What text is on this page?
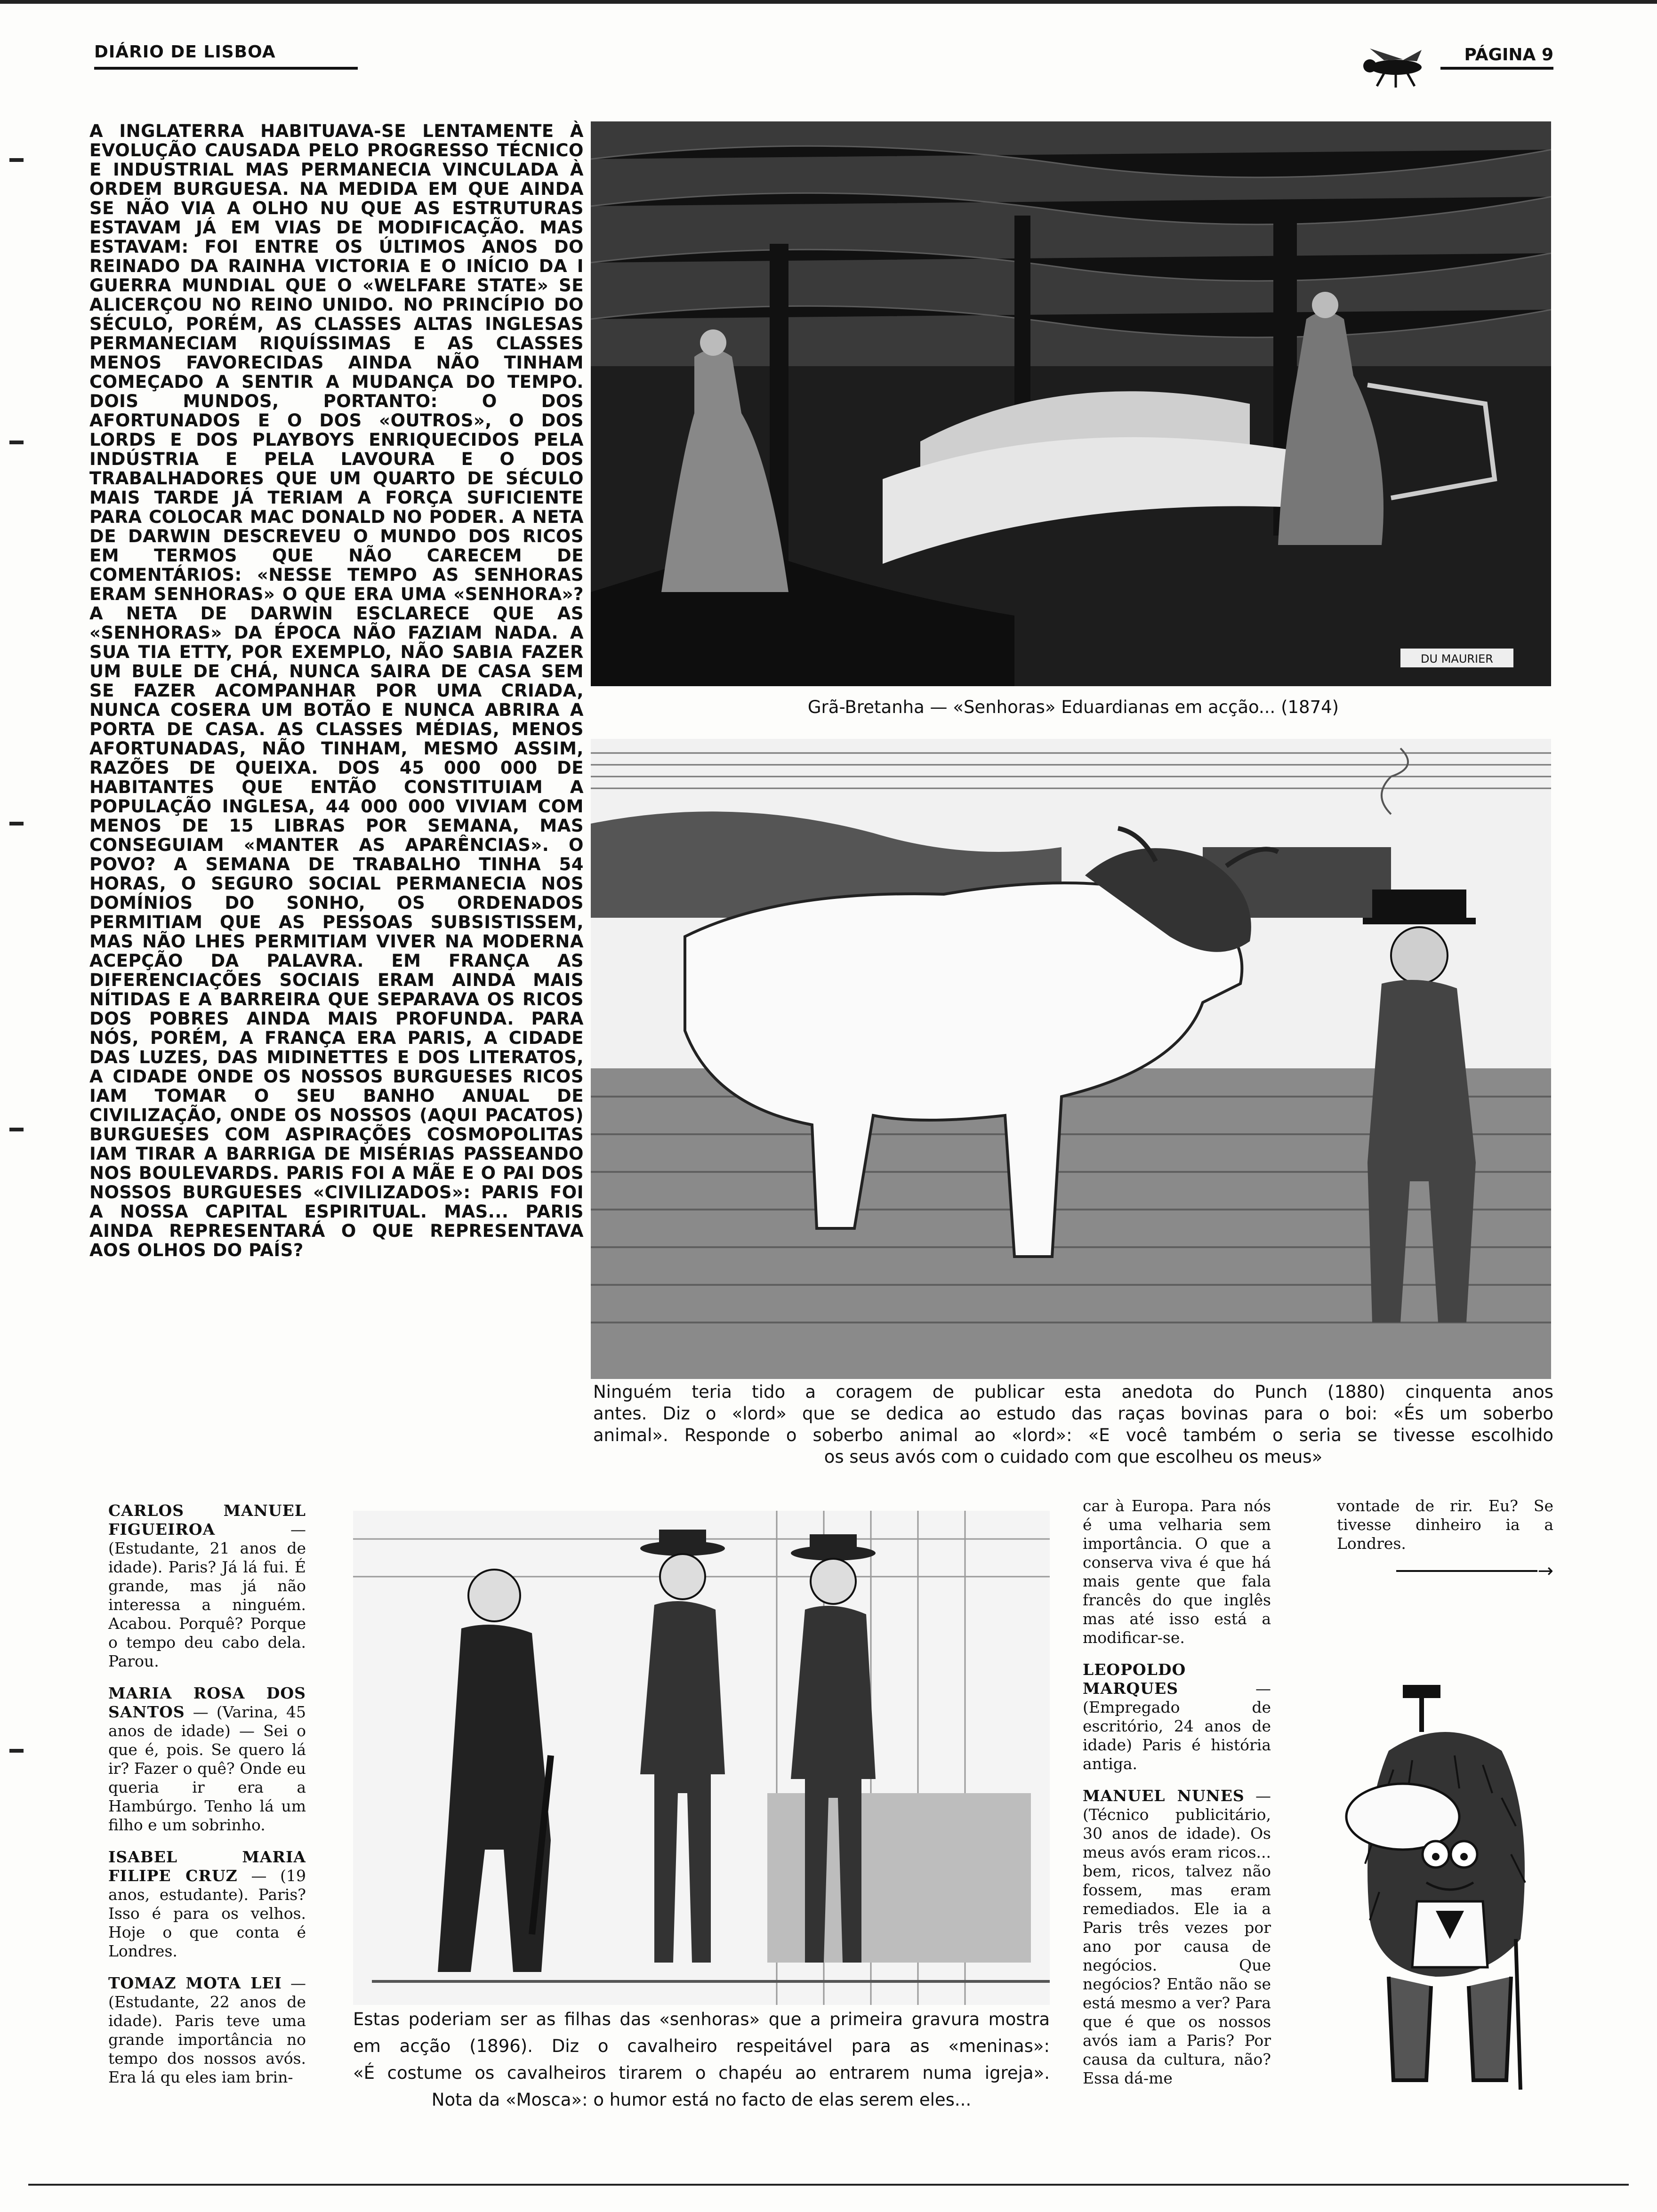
DIÁRIO DE LISBOA	PÁGINA 9
A INGLATERRA HABITUAVA-SE LENTAMENTE À EVOLUÇÃO CAUSADA PELO PROGRESSO TÉCNICO E INDUSTRIAL MAS PERMANECIA VINCULADA À ORDEM BURGUESA. NA MEDIDA EM QUE AINDA SE NÃO VIA A OLHO NU QUE AS ESTRUTURAS ESTAVAM JÁ EM VIAS DE MODIFICAÇÃO. MAS ESTAVAM: FOI ENTRE OS ÚLTIMOS ANOS DO REINADO DA RAINHA VICTORIA E O INÍCIO DA I GUERRA MUNDIAL QUE O «WELFARE STATE» SE ALICERÇOU NO REINO UNIDO. NO PRINCÍPIO DO SÉCULO, PORÉM, AS CLASSES ALTAS INGLESAS PERMANECIAM RIQUÍSSIMAS E AS CLASSES MENOS FAVORECIDAS AINDA NÃO TINHAM COMEÇADO A SENTIR A MUDANÇA DO TEMPO. DOIS MUNDOS, PORTANTO: O DOS AFORTUNADOS E O DOS «OUTROS», O DOS LORDS E DOS PLAYBOYS ENRIQUECIDOS PELA INDÚSTRIA E PELA LAVOURA E O DOS TRABALHADORES QUE UM QUARTO DE SÉCULO MAIS TARDE JÁ TERIAM A FORÇA SUFICIENTE PARA COLOCAR MAC DONALD NO PODER. A NETA DE DARWIN DESCREVEU O MUNDO DOS RICOS EM TERMOS QUE NÃO CARECEM DE COMENTÁRIOS: «NESSE TEMPO AS SENHORAS ERAM SENHORAS» O QUE ERA UMA «SENHORA»? A NETA DE DARWIN ESCLARECE QUE AS «SENHORAS» DA ÉPOCA NÃO FAZIAM NADA. A SUA TIA ETTY, POR EXEMPLO, NÃO SABIA FAZER UM BULE DE CHÁ, NUNCA SAIRA DE CASA SEM SE FAZER ACOMPANHAR POR UMA CRIADA, NUNCA COSERA UM BOTÃO E NUNCA ABRIRA A PORTA DE CASA. AS CLASSES MÉDIAS, MENOS AFORTUNADAS, NÃO TINHAM, MESMO ASSIM, RAZÕES DE QUEIXA. DOS 45 000 000 DE HABITANTES QUE ENTÃO CONSTITUIAM A POPULAÇÃO INGLESA, 44 000 000 VIVIAM COM MENOS DE 15 LIBRAS POR SEMANA, MAS CONSEGUIAM «MANTER AS APARÊNCIAS». O POVO? A SEMANA DE TRABALHO TINHA 54 HORAS, O SEGURO SOCIAL PERMANECIA NOS DOMÍNIOS DO SONHO, OS ORDENADOS PERMITIAM QUE AS PESSOAS SUBSISTISSEM, MAS NÃO LHES PERMITIAM VIVER NA MODERNA ACEPÇÃO DA PALAVRA. EM FRANÇA AS DIFERENCIAÇÕES SOCIAIS ERAM AINDA MAIS NÍTIDAS E A BARREIRA QUE SEPARAVA OS RICOS DOS POBRES AINDA MAIS PROFUNDA. PARA NÓS, PORÉM, A FRANÇA ERA PARIS, A CIDADE DAS LUZES, DAS MIDINETTES E DOS LITERATOS, A CIDADE ONDE OS NOSSOS BURGUESES RICOS IAM TOMAR O SEU BANHO ANUAL DE CIVILIZAÇÃO, ONDE OS NOSSOS (AQUI PACATOS) BURGUESES COM ASPIRAÇÕES COSMOPOLITAS IAM TIRAR A BARRIGA DE MISÉRIAS PASSEANDO NOS BOULEVARDS. PARIS FOI A MÃE E O PAI DOS NOSSOS BURGUESES «CIVILIZADOS»: PARIS FOI A NOSSA CAPITAL ESPIRITUAL. MAS... PARIS AINDA REPRESENTARÁ O QUE REPRESENTAVA AOS OLHOS DO PAÍS?
DU MAURIER
Grã-Bretanha — «Senhoras» Eduardianas em acção... (1874)
Ninguém teria tido a coragem de publicar esta anedota do Punch (1880) cinquenta anos
antes. Diz o «lord» que se dedica ao estudo das raças bovinas para o boi: «És um soberbo
animal». Responde o soberbo animal ao «lord»: «E você também o seria se tivesse escolhido
os seus avós com o cuidado com que escolheu os meus»

CARLOS MANUEL FIGUEIROA	— (Estudante, 21 anos de idade). Paris? Já lá fui. É grande, mas já não interessa a ninguém. Acabou. Porquê? Porque o tempo deu cabo dela. Parou.

MARIA ROSA DOS SANTOS — (Varina, 45 anos de idade) — Sei o que é, pois. Se quero lá ir? Fazer o quê? Onde eu queria ir era a Hambúrgo. Tenho lá um filho e um sobrinho.

ISABEL MARIA FILIPE CRUZ — (19 anos, estudante). Paris? Isso é para os velhos. Hoje o que conta é Londres.

TOMAZ MOTA LEI — (Estudante, 22 anos de idade). Paris teve uma grande importância no tempo dos nossos avós. Era lá qu eles iam brin-

Estas poderiam ser as filhas das «senhoras» que a primeira gravura mostra
em acção (1896). Diz o cavalheiro respeitável para as «meninas»:
«É costume os cavalheiros tirarem o chapéu ao entrarem numa igreja».
Nota da «Mosca»: o humor está no facto de elas serem eles...

car à Europa. Para nós é uma velharia sem importância. O que a conserva viva é que há mais gente que fala francês do que inglês mas até isso está a modificar-se.

LEOPOLDO MARQUES	— (Empregado de escritório, 24 anos de idade) Paris é história antiga.

MANUEL NUNES — (Técnico publicitário, 30 anos de idade). Os meus avós eram ricos... bem, ricos, talvez não fossem, mas eram remediados. Ele ia a Paris três vezes por ano por causa de negócios. Que negócios? Então não se está mesmo a ver? Para que é que os nossos avós iam a Paris? Por causa da cultura, não? Essa dá-me

vontade de rir. Eu? Se tivesse dinheiro ia a Londres.

→
